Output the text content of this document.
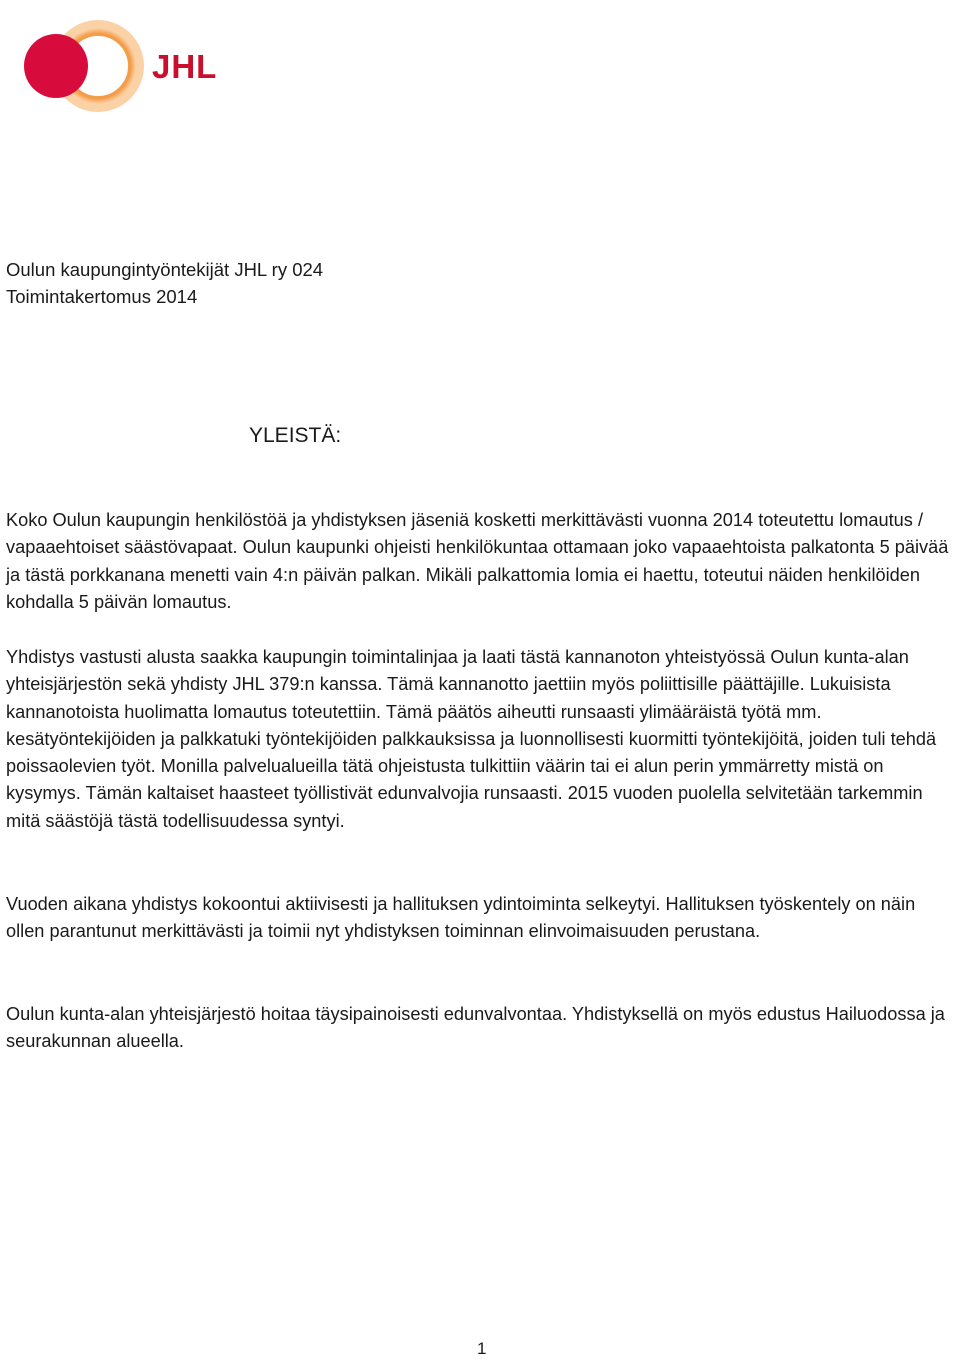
JHL
Oulun kaupungintyöntekijät JHL ry 024
Toimintakertomus 2014
YLEISTÄ:

Koko Oulun kaupungin henkilöstöä ja yhdistyksen jäseniä kosketti merkittävästi vuonna 2014 toteutettu lomautus / vapaaehtoiset säästövapaat. Oulun kaupunki ohjeisti henkilökuntaa ottamaan joko vapaaehtoista palkatonta 5 päivää ja tästä porkkanana menetti vain 4:n päivän palkan. Mikäli palkattomia lomia ei haettu, toteutui näiden henkilöiden kohdalla 5 päivän lomautus.

Yhdistys vastusti alusta saakka kaupungin toimintalinjaa ja laati tästä kannanoton yhteistyössä Oulun kunta-alan yhteisjärjestön sekä yhdisty JHL 379:n kanssa. Tämä kannanotto jaettiin myös poliittisille päättäjille. Lukuisista kannanotoista huolimatta lomautus toteutettiin. Tämä päätös aiheutti runsaasti ylimääräistä työtä mm. kesätyöntekijöiden ja palkkatuki työntekijöiden palkkauksissa ja luonnollisesti kuormitti työntekijöitä, joiden tuli tehdä poissaolevien työt. Monilla palvelualueilla tätä ohjeistusta tulkittiin väärin tai ei alun perin ymmärretty mistä on kysymys. Tämän kaltaiset haasteet työllistivät edunvalvojia runsaasti. 2015 vuoden puolella selvitetään tarkemmin mitä säästöjä tästä todellisuudessa syntyi.

Vuoden aikana yhdistys kokoontui aktiivisesti ja hallituksen ydintoiminta selkeytyi. Hallituksen työskentely on näin ollen parantunut merkittävästi ja toimii nyt yhdistyksen toiminnan elinvoimaisuuden perustana.

Oulun kunta-alan yhteisjärjestö hoitaa täysipainoisesti edunvalvontaa. Yhdistyksellä on myös edustus Hailuodossa ja seurakunnan alueella.

1
